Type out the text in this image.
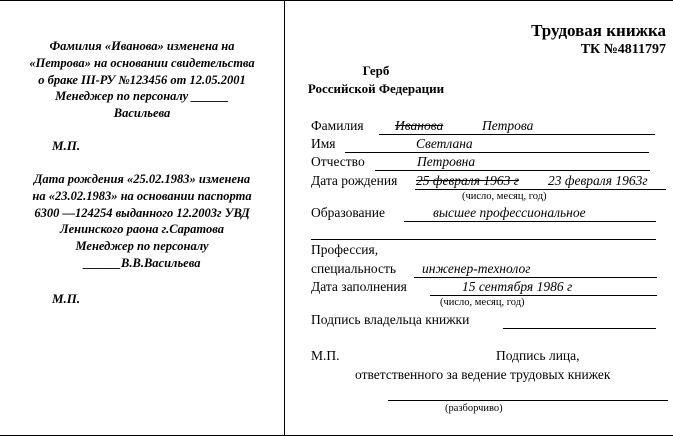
Фамилия «Иванова» изменена на
«Петрова» на основании свидетельства
о браке III-РУ №123456 от 12.05.2001
Менеджер по персоналу ______
Васильева
М.П.
Дата рождения «25.02.1983» изменена
на «23.02.1983» на основании паспорта
6300 —124254 выданного 12.2003г УВД
Ленинского раона г.Саратова
Менеджер по персоналу
______В.В.Васильева
М.П.
Трудовая книжка
ТК №4811797
Герб
Российской Федерации
Фамилия Иванова	Петрова
Имя	Светлана
Отчество	Петровна
Дата рождения 25 февраля 1963 г 23 февраля 1963г
(число, месяц, год)
Образование	высшее профессиональное
Профессия,
специальность инженер-технолог
Дата заполнения	15 сентября 1986 г
(число, месяц, год)
Подпись владельца книжки
М.П.	Подпись лица,
ответственного за ведение трудовых книжек
(разборчиво)
